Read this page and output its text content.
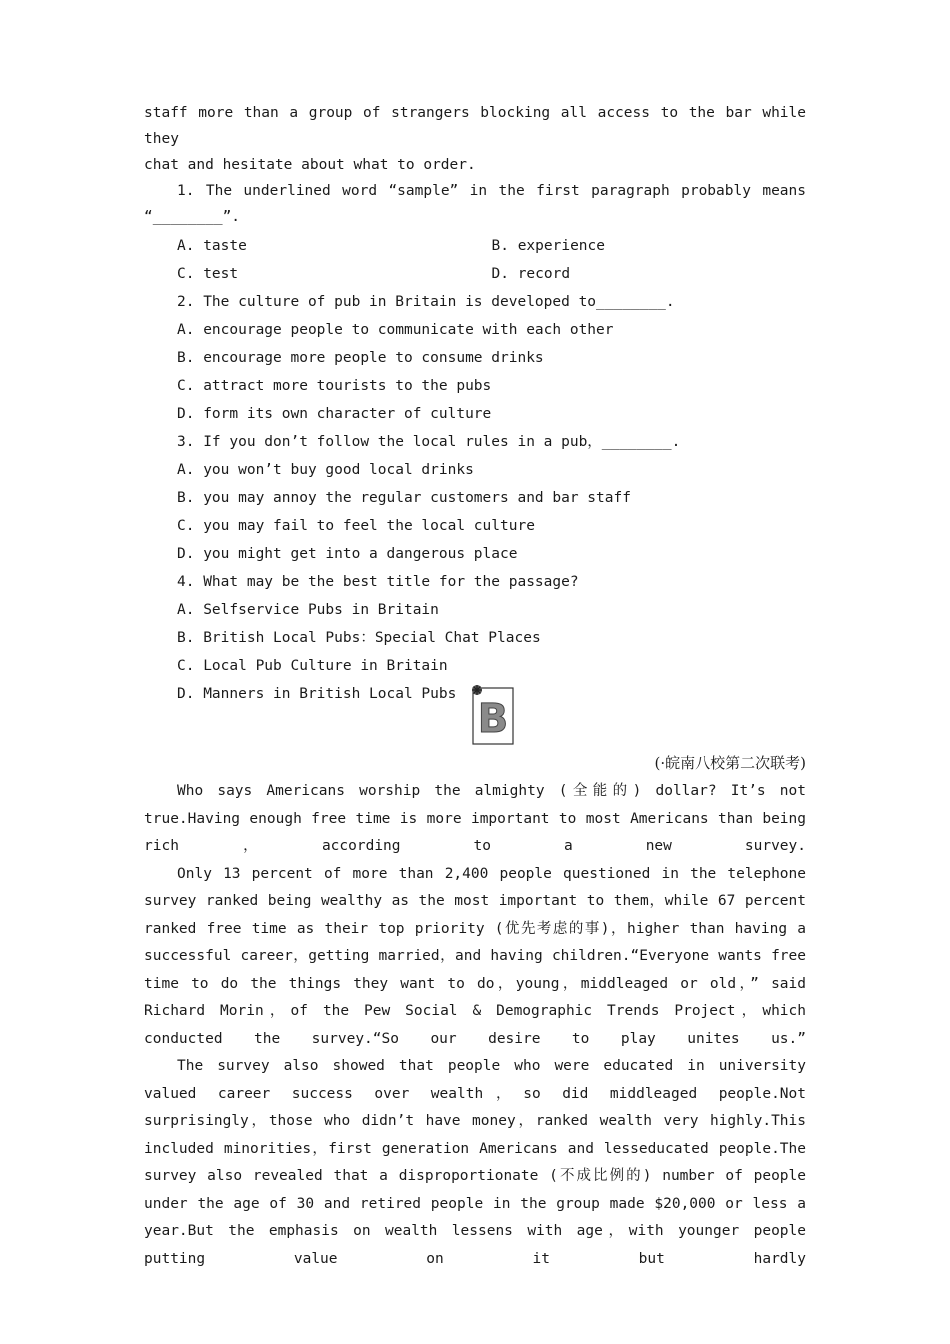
staff more than a group of strangers blocking all access to the bar while they
chat and hesitate about what to order.
1. The underlined word “sample” in the first paragraph probably means
“________”.
A. taste	B. experience
C. test	D. record
2. The culture of pub in Britain is developed to________.
A. encourage people to communicate with each other
B. encourage more people to consume drinks
C. attract more tourists to the pubs
D. form its own character of culture
3. If you don’t follow the local rules in a pub，________.
A. you won’t buy good local drinks
B. you may annoy the regular customers and bar staff
C. you may fail to feel the local culture
D. you might get into a dangerous place
4. What may be the best title for the passage?
A. Selfservice Pubs in Britain
B. British Local Pubs：Special Chat Places
C. Local Pub Culture in Britain
D. Manners in British Local Pubs
B
(·皖南八校第二次联考)

Who says Americans worship the almighty (全能的) dollar? It’s not true.Having enough free time is more important to most Americans than being rich，according to a new survey.

Only 13 percent of more than 2,400 people questioned in the telephone survey ranked being wealthy as the most important to them，while 67 percent ranked free time as their top priority (优先考虑的事)，higher than having a successful career，getting married，and having children.“Everyone wants free time to do the things they want to do，young，middleaged or old，” said Richard Morin，of the Pew Social & Demographic Trends Project，which conducted the survey.“So our desire to play unites us.”

The survey also showed that people who were educated in university valued career success over wealth，so did middleaged people.Not surprisingly，those who didn’t have money，ranked wealth very highly.This included minorities，first generation Americans and lesseducated people.The survey also revealed that a disproportionate (不成比例的) number of people under the age of 30 and retired people in the group made $20,000 or less a year.But the emphasis on wealth lessens with age，with younger people putting value on it but hardly
